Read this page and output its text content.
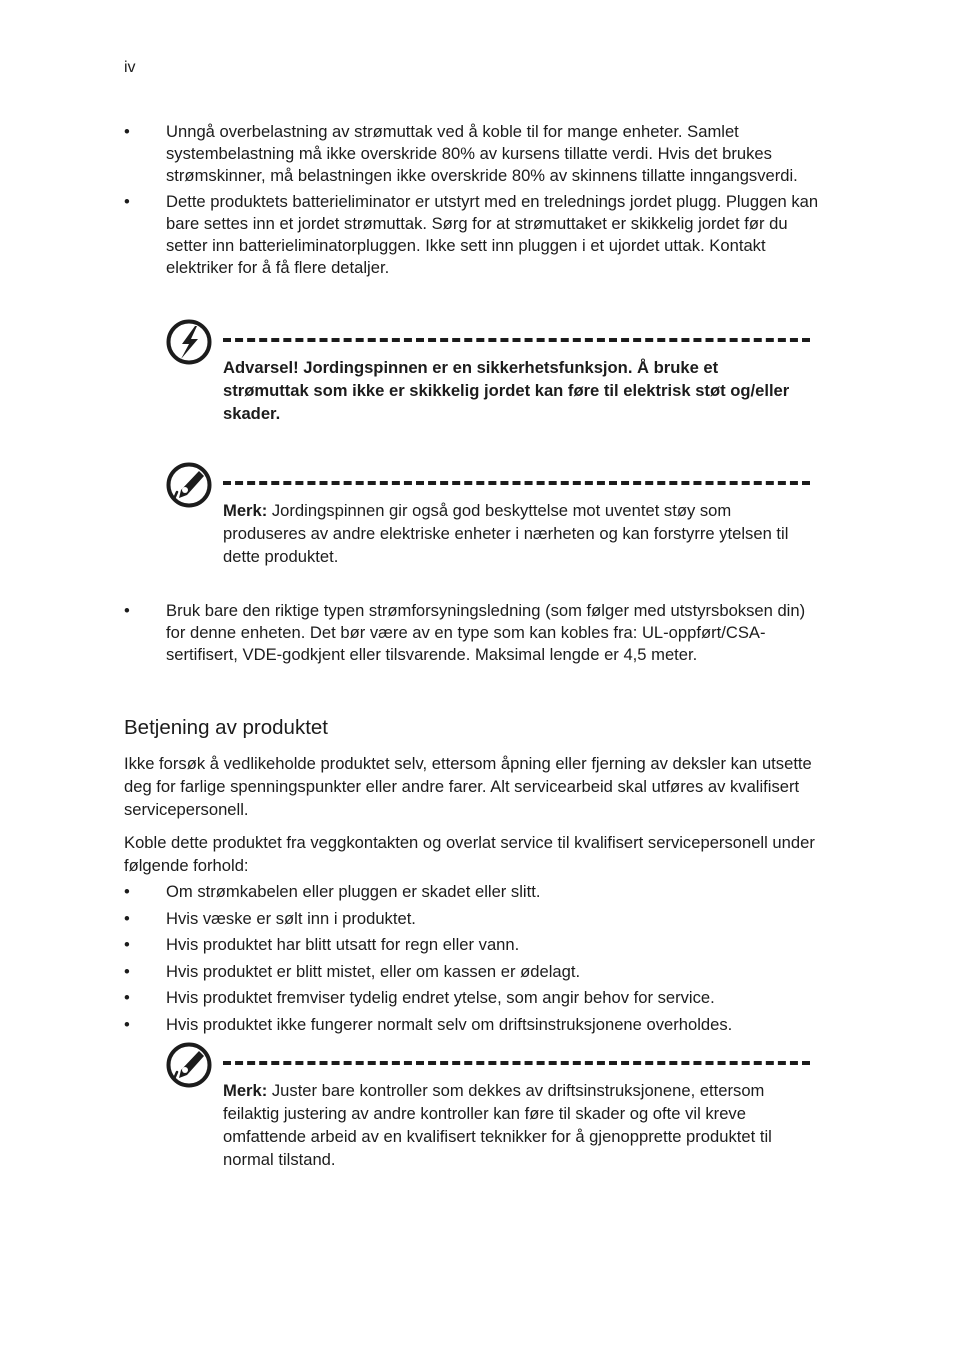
iv
• Unngå overbelastning av strømuttak ved å koble til for mange enheter. Samlet systembelastning må ikke overskride 80% av kursens tillatte verdi. Hvis det brukes strømskinner, må belastningen ikke overskride 80% av skinnens tillatte inngangsverdi.
• Dette produktets batterieliminator er utstyrt med en trelednings jordet plugg. Pluggen kan bare settes inn et jordet strømuttak. Sørg for at strømuttaket er skikkelig jordet før du setter inn batterieliminatorpluggen. Ikke sett inn pluggen i et ujordet uttak. Kontakt elektriker for å få flere detaljer.
Advarsel! Jordingspinnen er en sikkerhetsfunksjon. Å bruke et strømuttak som ikke er skikkelig jordet kan føre til elektrisk støt og/eller skader.
Merk: Jordingspinnen gir også god beskyttelse mot uventet støy som produseres av andre elektriske enheter i nærheten og kan forstyrre ytelsen til dette produktet.
• Bruk bare den riktige typen strømforsyningsledning (som følger med utstyrsboksen din) for denne enheten. Det bør være av en type som kan kobles fra: UL-oppført/CSA-sertifisert, VDE-godkjent eller tilsvarende. Maksimal lengde er 4,5 meter.
Betjening av produktet

Ikke forsøk å vedlikeholde produktet selv, ettersom åpning eller fjerning av deksler kan utsette deg for farlige spenningspunkter eller andre farer. Alt servicearbeid skal utføres av kvalifisert servicepersonell.

Koble dette produktet fra veggkontakten og overlat service til kvalifisert servicepersonell under følgende forhold:

• Om strømkabelen eller pluggen er skadet eller slitt.
• Hvis væske er sølt inn i produktet.
• Hvis produktet har blitt utsatt for regn eller vann.
• Hvis produktet er blitt mistet, eller om kassen er ødelagt.
• Hvis produktet fremviser tydelig endret ytelse, som angir behov for service.
• Hvis produktet ikke fungerer normalt selv om driftsinstruksjonene overholdes.
Merk: Juster bare kontroller som dekkes av driftsinstruksjonene, ettersom feilaktig justering av andre kontroller kan føre til skader og ofte vil kreve omfattende arbeid av en kvalifisert teknikker for å gjenopprette produktet til normal tilstand.
